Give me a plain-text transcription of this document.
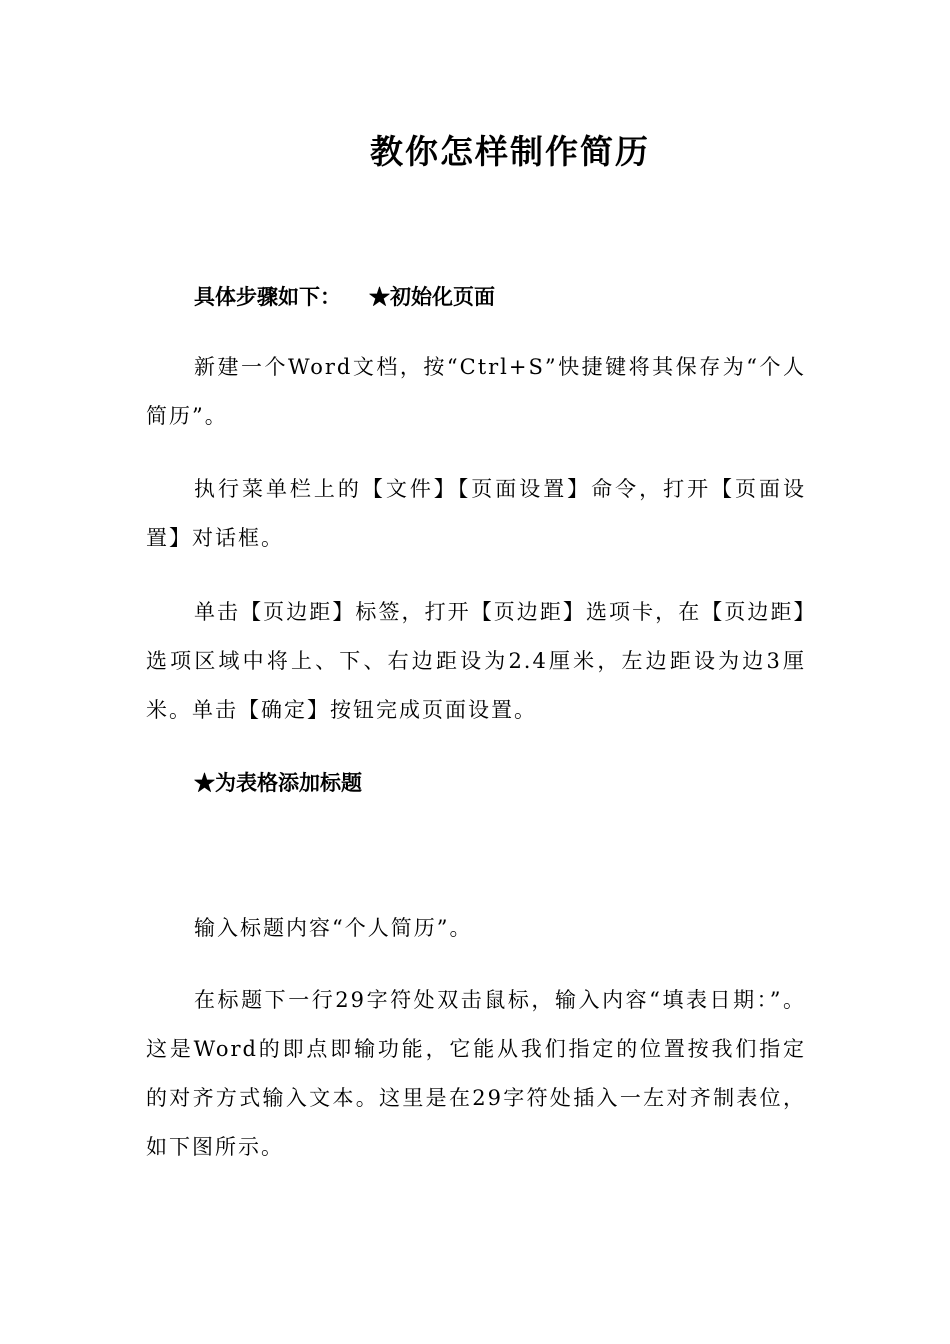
教你怎样制作简历
具体步骤如下： ★初始化页面
新建一个Word文档，按“Ctrl+S”快捷键将其保存为“个人简历”。
执行菜单栏上的【文件】【页面设置】命令，打开【页面设置】对话框。
单击【页边距】标签，打开【页边距】选项卡，在【页边距】选项区域中将上、下、右边距设为2.4厘米，左边距设为边3厘米。单击【确定】按钮完成页面设置。
★为表格添加标题
输入标题内容“个人简历”。
在标题下一行29字符处双击鼠标，输入内容“填表日期：”。这是Word的即点即输功能，它能从我们指定的位置按我们指定的对齐方式输入文本。这里是在29字符处插入一左对齐制表位，如下图所示。
